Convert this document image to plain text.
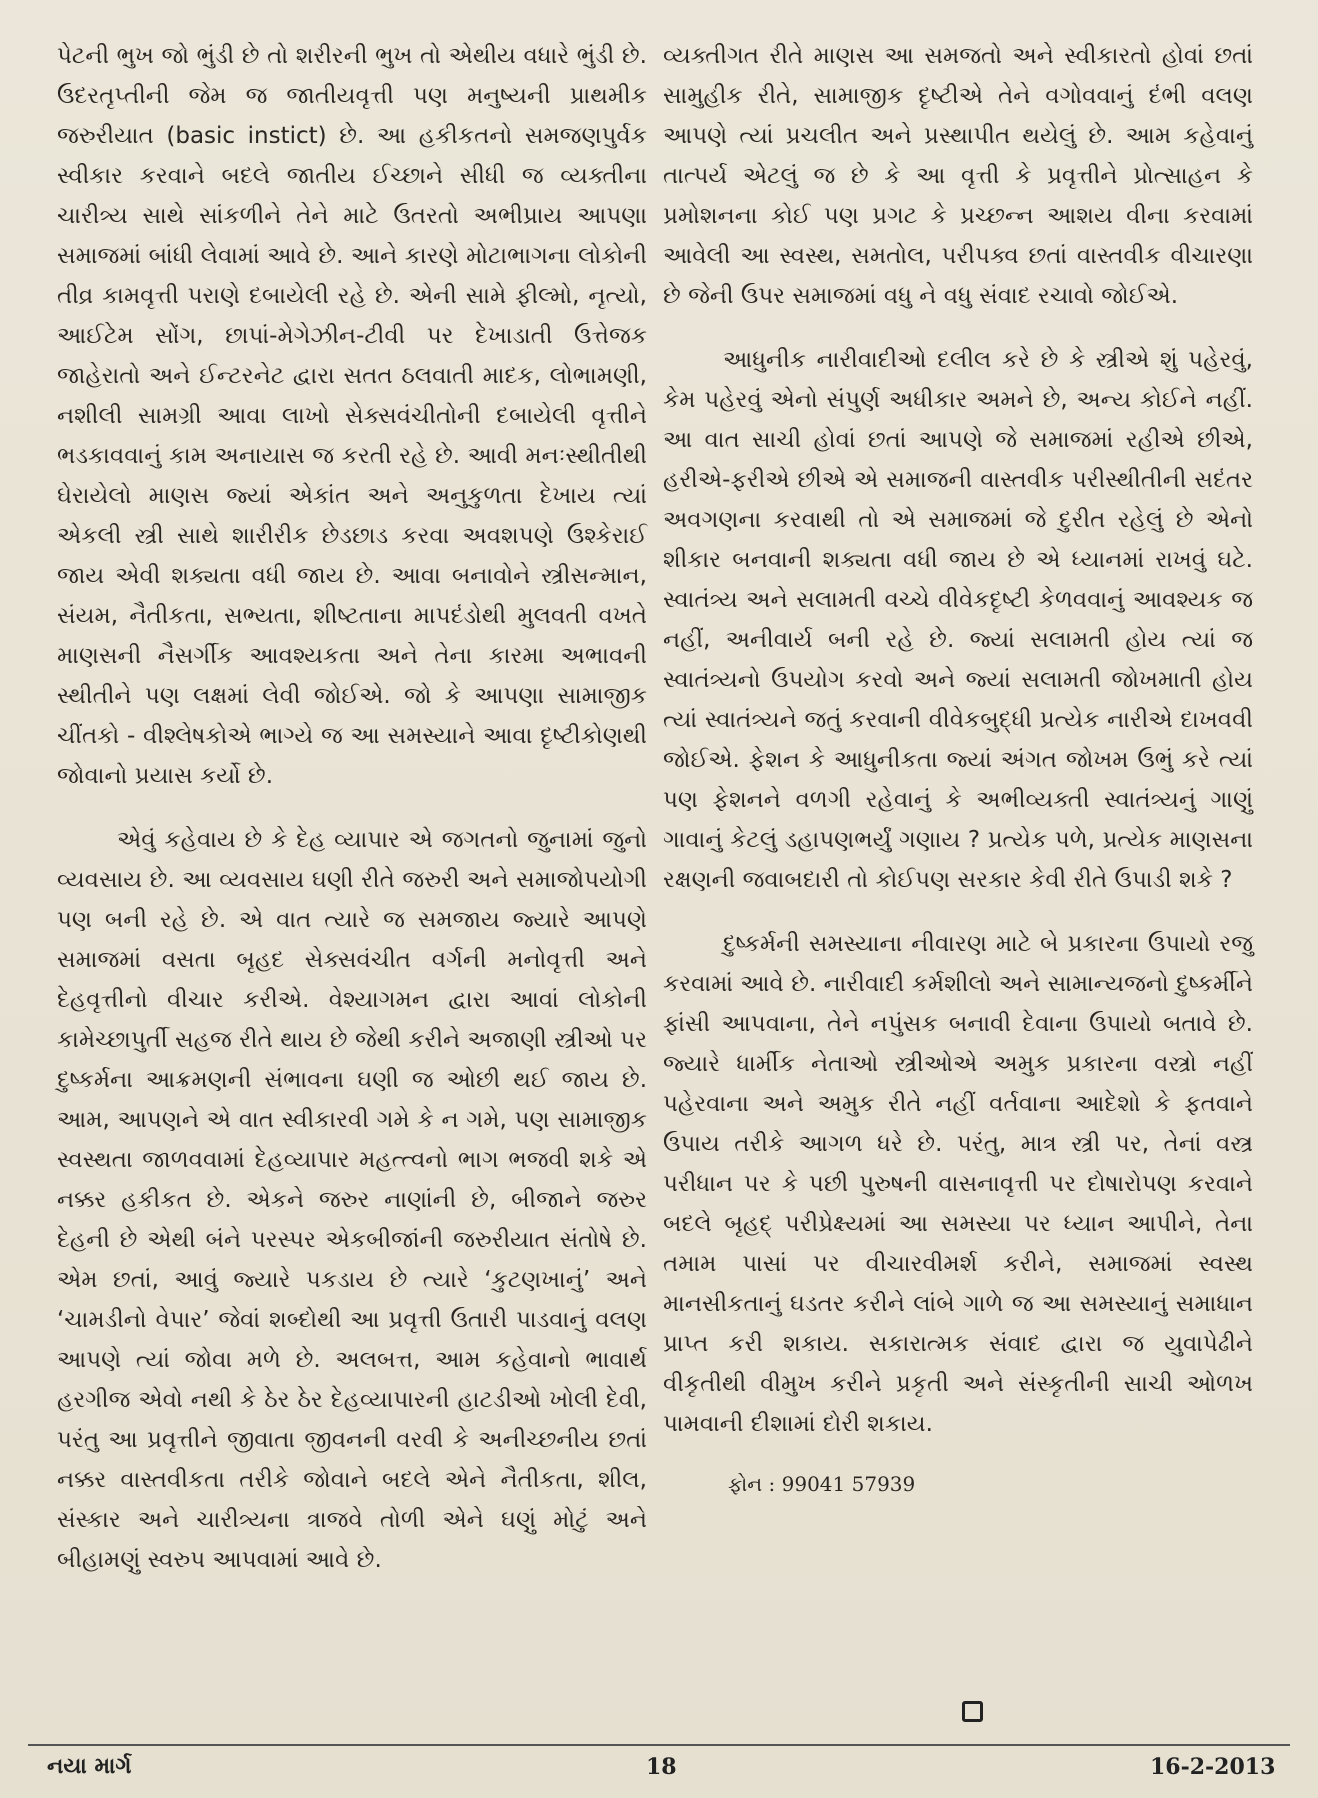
પેટની ભુખ જો ભુંડી છે તો શરીરની ભુખ તો એથીય વધારે ભુંડી છે. ઉદરતૃપ્તીની જેમ જ જાતીયવૃત્તી પણ મનુષ્યની પ્રાથમીક જરુરીયાત (basic instict) છે. આ હકીકતનો સમજણપુર્વક સ્વીકાર કરવાને બદલે જાતીય ઈચ્છાને સીધી જ વ્યક્તીના ચારીત્ર્ય સાથે સાંકળીને તેને માટે ઉતરતો અભીપ્રાય આપણા સમાજમાં બાંધી લેવામાં આવે છે. આને કારણે મોટાભાગના લોકોની તીવ્ર કામવૃત્તી પરાણે દબાયેલી રહે છે. એની સામે ફીલ્મો, નૃત્યો, આઈટેમ સોંગ, છાપાં-મેગેઝીન-ટીવી પર દેખાડાતી ઉત્તેજક જાહેરાતો અને ઈન્ટરનેટ દ્વારા સતત ઠલવાતી માદક, લોભામણી, નશીલી સામગ્રી આવા લાખો સેક્સવંચીતોની દબાયેલી વૃત્તીને ભડકાવવાનું કામ અનાયાસ જ કરતી રહે છે. આવી મનઃસ્થીતીથી ઘેરાયેલો માણસ જ્યાં એકાંત અને અનુકુળતા દેખાય ત્યાં એકલી સ્ત્રી સાથે શારીરીક છેડછાડ કરવા અવશપણે ઉશ્કેરાઈ જાય એવી શક્યતા વધી જાય છે. આવા બનાવોને સ્ત્રીસન્માન, સંયમ, નૈતીકતા, સભ્યતા, શીષ્ટતાના માપદંડોથી મુલવતી વખતે માણસની નૈસર્ગીક આવશ્યકતા અને તેના કારમા અભાવની સ્થીતીને પણ લક્ષમાં લેવી જોઈએ. જો કે આપણા સામાજીક ચીંતકો - વીશ્લેષકોએ ભાગ્યે જ આ સમસ્યાને આવા દૃષ્ટીકોણથી જોવાનો પ્રયાસ કર્યો છે.

એવું કહેવાય છે કે દેહ વ્યાપાર એ જગતનો જુનામાં જુનો વ્યવસાય છે. આ વ્યવસાય ઘણી રીતે જરુરી અને સમાજોપયોગી પણ બની રહે છે. એ વાત ત્યારે જ સમજાય જ્યારે આપણે સમાજમાં વસતા બૃહદ સેક્સવંચીત વર્ગની મનોવૃત્તી અને દેહવૃત્તીનો વીચાર કરીએ. વેશ્યાગમન દ્વારા આવાં લોકોની કામેચ્છાપુર્તી સહજ રીતે થાય છે જેથી કરીને અજાણી સ્ત્રીઓ પર દુષ્કર્મના આક્રમણની સંભાવના ઘણી જ ઓછી થઈ જાય છે. આમ, આપણને એ વાત સ્વીકારવી ગમે કે ન ગમે, પણ સામાજીક સ્વસ્થતા જાળવવામાં દેહવ્યાપાર મહત્ત્વનો ભાગ ભજવી શકે એ નક્કર હકીકત છે. એકને જરુર નાણાંની છે, બીજાને જરુર દેહની છે એથી બંને પરસ્પર એકબીજાંની જરુરીયાત સંતોષે છે. એમ છતાં, આવું જ્યારે પકડાય છે ત્યારે ‘કુટણખાનું’ અને ‘ચામડીનો વેપાર’ જેવાં શબ્દોથી આ પ્રવૃત્તી ઉતારી પાડવાનું વલણ આપણે ત્યાં જોવા મળે છે. અલબત્ત, આમ કહેવાનો ભાવાર્થ હરગીજ એવો નથી કે ઠેર ઠેર દેહવ્યાપારની હાટડીઓ ખોલી દેવી, પરંતુ આ પ્રવૃત્તીને જીવાતા જીવનની વરવી કે અનીચ્છનીય છતાં નક્કર વાસ્તવીકતા તરીકે જોવાને બદલે એને નૈતીકતા, શીલ, સંસ્કાર અને ચારીત્ર્યના ત્રાજવે તોળી એને ઘણું મોટું અને બીહામણું સ્વરુપ આપવામાં આવે છે.

વ્યક્તીગત રીતે માણસ આ સમજતો અને સ્વીકારતો હોવાં છતાં સામુહીક રીતે, સામાજીક દૃષ્ટીએ તેને વગોવવાનું દંભી વલણ આપણે ત્યાં પ્રચલીત અને પ્રસ્થાપીત થયેલું છે. આમ કહેવાનું તાત્પર્ય એટલું જ છે કે આ વૃત્તી કે પ્રવૃત્તીને પ્રોત્સાહન કે પ્રમોશનના કોઈ પણ પ્રગટ કે પ્રચ્છન્ન આશય વીના કરવામાં આવેલી આ સ્વસ્થ, સમતોલ, પરીપક્વ છતાં વાસ્તવીક વીચારણા છે જેની ઉપર સમાજમાં વધુ ને વધુ સંવાદ રચાવો જોઈએ.

આધુનીક નારીવાદીઓ દલીલ કરે છે કે સ્ત્રીએ શું પહેરવું, કેમ પહેરવું એનો સંપુર્ણ અધીકાર અમને છે, અન્ય કોઈને નહીં. આ વાત સાચી હોવાં છતાં આપણે જે સમાજમાં રહીએ છીએ, હરીએ-ફરીએ છીએ એ સમાજની વાસ્તવીક પરીસ્થીતીની સદંતર અવગણના કરવાથી તો એ સમાજમાં જે દુરીત રહેલું છે એનો શીકાર બનવાની શક્યતા વધી જાય છે એ ધ્યાનમાં રાખવું ઘટે. સ્વાતંત્ર્ય અને સલામતી વચ્ચે વીવેકદૃષ્ટી કેળવવાનું આવશ્યક જ નહીં, અનીવાર્ય બની રહે છે. જ્યાં સલામતી હોય ત્યાં જ સ્વાતંત્ર્યનો ઉપયોગ કરવો અને જ્યાં સલામતી જોખમાતી હોય ત્યાં સ્વાતંત્ર્યને જતું કરવાની વીવેકબુદ્ધી પ્રત્યેક નારીએ દાખવવી જોઈએ. ફેશન કે આધુનીકતા જ્યાં અંગત જોખમ ઉભું કરે ત્યાં પણ ફેશનને વળગી રહેવાનું કે અભીવ્યક્તી સ્વાતંત્ર્યનું ગાણું ગાવાનું કેટલું ડહાપણભર્યું ગણાય ? પ્રત્યેક પળે, પ્રત્યેક માણસના રક્ષણની જવાબદારી તો કોઈપણ સરકાર કેવી રીતે ઉપાડી શકે ?

દુષ્કર્મની સમસ્યાના નીવારણ માટે બે પ્રકારના ઉપાયો રજુ કરવામાં આવે છે. નારીવાદી કર્મશીલો અને સામાન્યજનો દુષ્કર્મીને ફાંસી આપવાના, તેને નપુંસક બનાવી દેવાના ઉપાયો બતાવે છે. જ્યારે ધાર્મીક નેતાઓ સ્ત્રીઓએ અમુક પ્રકારના વસ્ત્રો નહીં પહેરવાના અને અમુક રીતે નહીં વર્તવાના આદેશો કે ફતવાને ઉપાય તરીકે આગળ ધરે છે. પરંતુ, માત્ર સ્ત્રી પર, તેનાં વસ્ત્ર પરીધાન પર કે પછી પુરુષની વાસનાવૃત્તી પર દોષારોપણ કરવાને બદલે બૃહદ્ પરીપ્રેક્ષ્યમાં આ સમસ્યા પર ધ્યાન આપીને, તેના તમામ પાસાં પર વીચારવીમર્શ કરીને, સમાજમાં સ્વસ્થ માનસીકતાનું ઘડતર કરીને લાંબે ગાળે જ આ સમસ્યાનું સમાધાન પ્રાપ્ત કરી શકાય. સકારાત્મક સંવાદ દ્વારા જ યુવાપેઢીને વીકૃતીથી વીમુખ કરીને પ્રકૃતી અને સંસ્કૃતીની સાચી ઓળખ પામવાની દીશામાં દોરી શકાય.

ફોન : 99041 57939
નયા માર્ગ	18	16-2-2013
